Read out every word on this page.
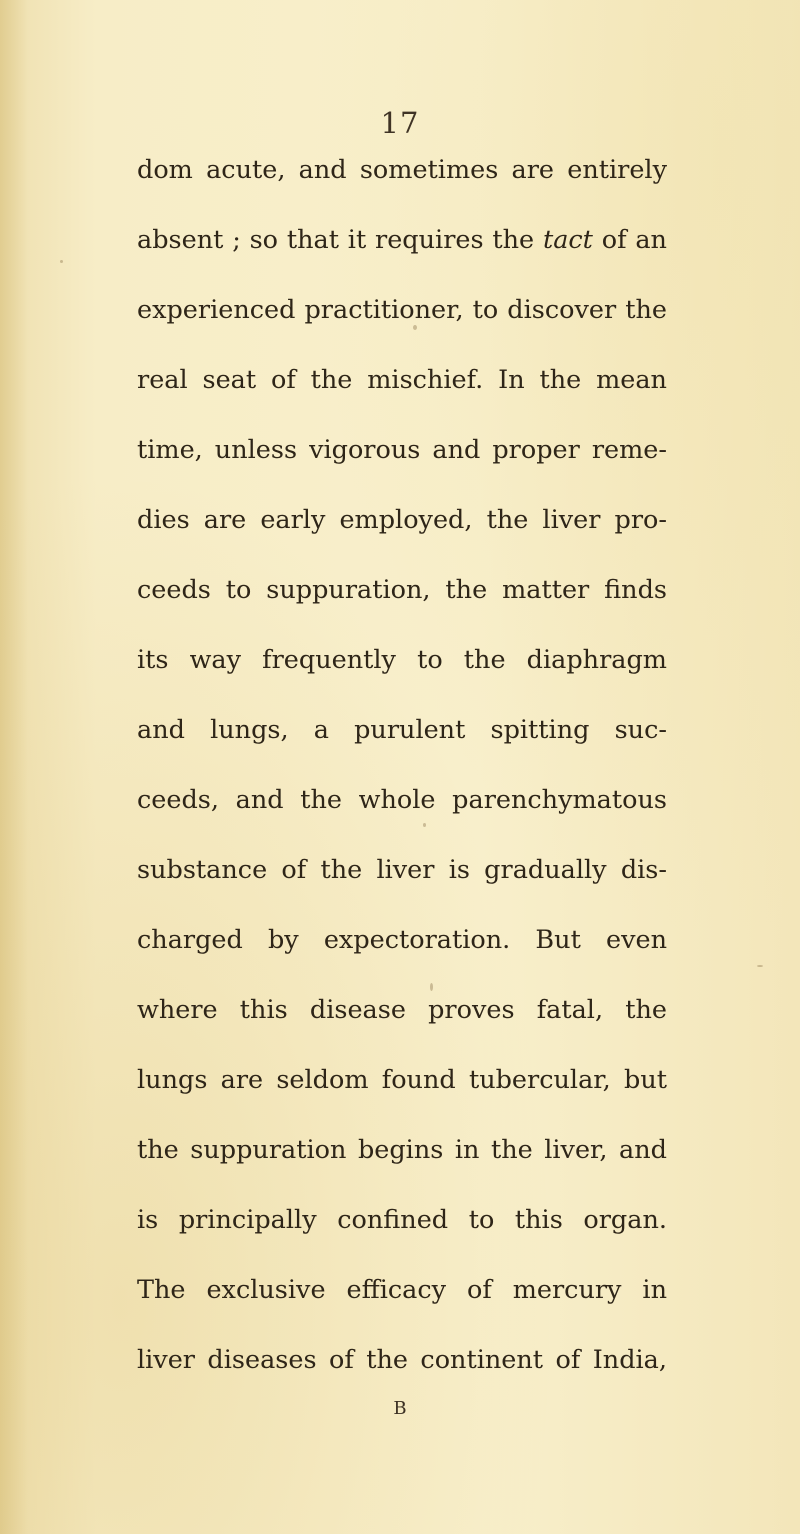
17
dom acute, and sometimes are entirely
absent ; so that it requires the tact of an
experienced practitioner, to discover the
real seat of the mischief. In the mean
time, unless vigorous and proper reme-
dies are early employed, the liver pro-
ceeds to suppuration, the matter finds
its way frequently to the diaphragm
and lungs, a purulent spitting suc-
ceeds, and the whole parenchymatous
substance of the liver is gradually dis-
charged by expectoration. But even
where this disease proves fatal, the
lungs are seldom found tubercular, but
the suppuration begins in the liver, and
is principally confined to this organ.
The exclusive efficacy of mercury in
liver diseases of the continent of India,
B
